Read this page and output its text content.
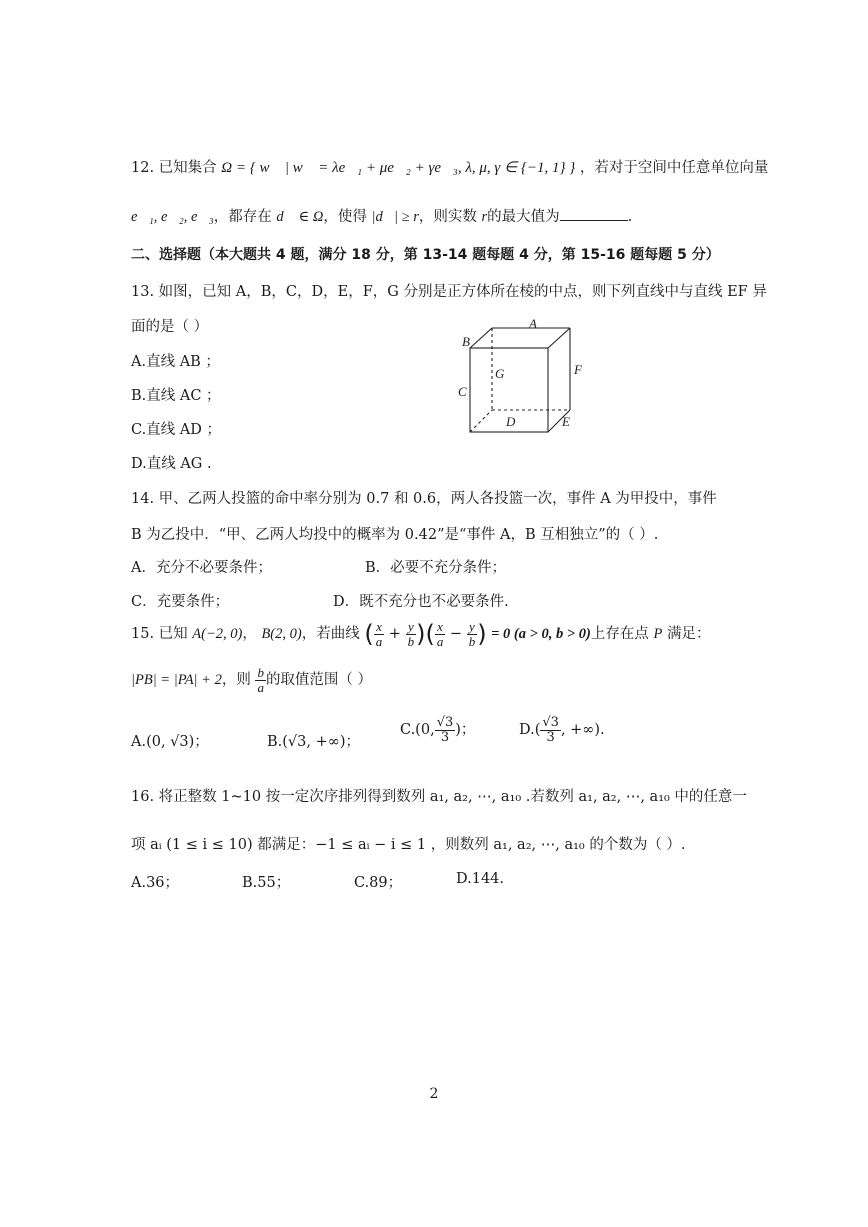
12. 已知集合 Ω = { w⃗ | w⃗ = λe⃗₁ + μe⃗₂ + γe⃗₃, λ, μ, γ ∈ {−1, 1} } ，若对于空间中任意单位向量
e⃗₁, e⃗₂, e⃗₃，都存在 d⃗ ∈ Ω，使得 |d⃗| ≥ r，则实数 r的最大值为	.
二、选择题（本大题共 4 题，满分 18 分，第 13-14 题每题 4 分，第 15-16 题每题 5 分）
13. 如图，已知 A，B，C，D，E，F，G 分别是正方体所在棱的中点，则下列直线中与直线 EF 异
面的是（ ）
A.直线 AB ；
B.直线 AC ；
C.直线 AD ；
D.直线 AG .
A
B
G	F
C
D	E
14. 甲、乙两人投篮的命中率分别为 0.7 和 0.6，两人各投篮一次，事件 A 为甲投中，事件
B 为乙投中．“甲、乙两人均投中的概率为 0.42”是“事件 A，B 互相独立”的（ ）.
A．充分不必要条件；	B．必要不充分条件；
C．充要条件；	D．既不充分也不必要条件.
15. 已知 A(−2, 0)， B(2, 0)，若曲线 ( $\frac{x}{a} + \frac{y}{b}$ )( $\frac{x}{a} - \frac{y}{b}$ ) = 0 (a > 0, b > 0)上存在点 P 满足：
|PB| = |PA| + 2，则 $\frac{b}{a}$ 的取值范围（ ）
A.(0, √3)；	B.(√3, +∞)；
C.(0, $\frac{√3}{3}$ )；	$D.( \frac{√3}{3}$ , +∞).
16. 将正整数 1~10 按一定次序排列得到数列 a₁, a₂, ⋯, a₁₀ .若数列 a₁, a₂, ⋯, a₁₀ 中的任意一
项 aᵢ (1 ≤ i ≤ 10) 都满足：−1 ≤ aᵢ − i ≤ 1 ，则数列 a₁, a₂, ⋯, a₁₀ 的个数为（ ）.
A.36；	B.55；	C.89；	D.144.
2
